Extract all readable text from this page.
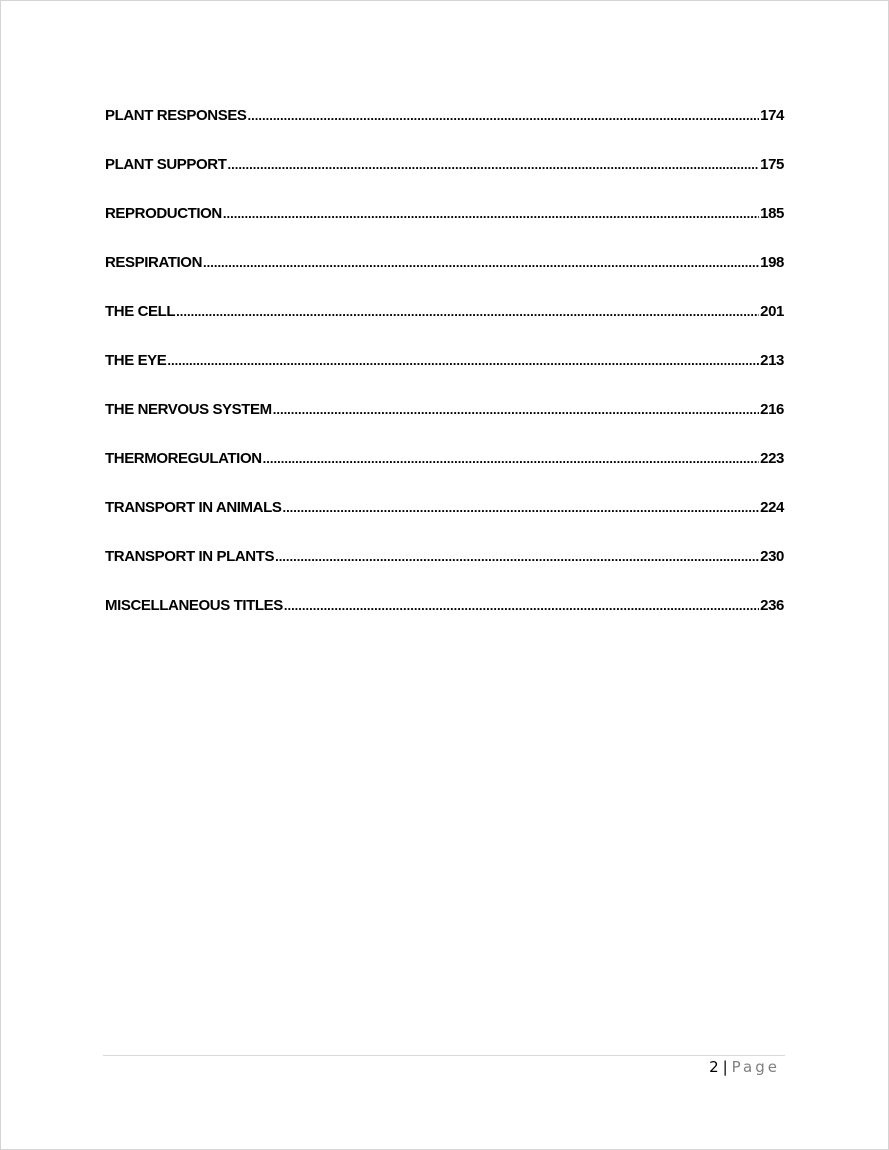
PLANT RESPONSES .....	174
PLANT SUPPORT .....	175
REPRODUCTION .....	185
RESPIRATION .....	198
THE CELL .....	201
THE EYE .....	213
THE NERVOUS SYSTEM .....	216
THERMOREGULATION .....	223
TRANSPORT IN ANIMALS .....	224
TRANSPORT IN PLANTS .....	230
MISCELLANEOUS TITLES .....	236
2 | Page
